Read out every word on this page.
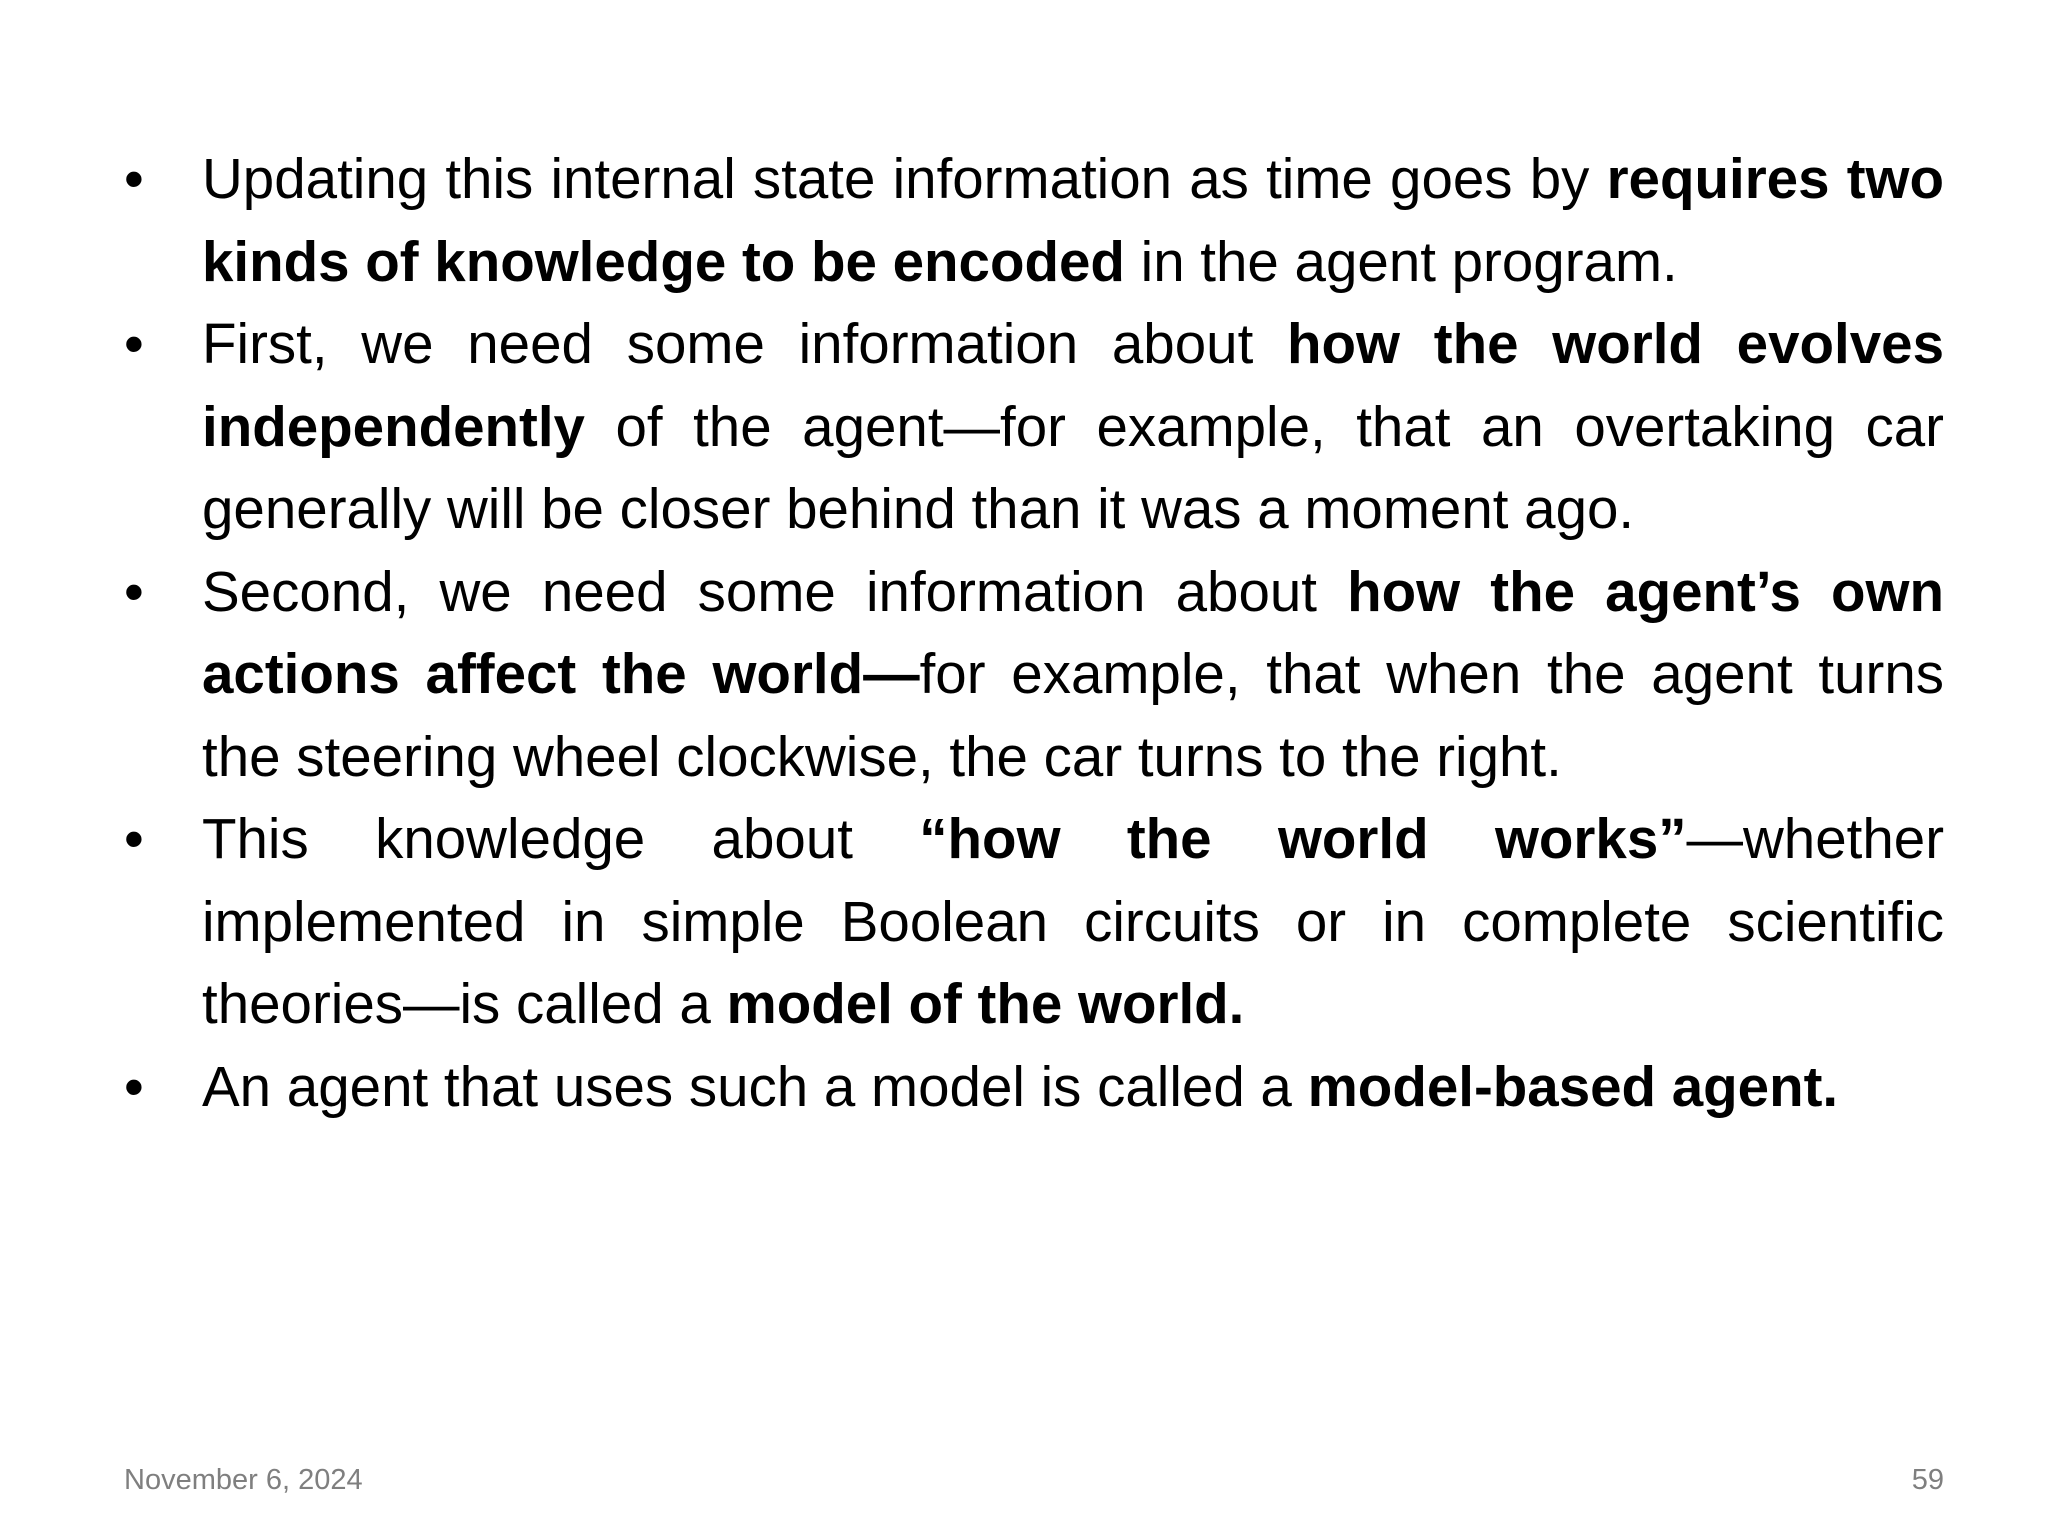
•	Updating this internal state information as time goes by requires two kinds of knowledge to be encoded in the agent program.
•	First, we need some information about how the world evolves independently of the agent—for example, that an overtaking car generally will be closer behind than it was a moment ago.
•	Second, we need some information about how the agent’s own actions affect the world—for example, that when the agent turns the steering wheel clockwise, the car turns to the right.
•	This knowledge about “how the world works”—whether implemented in simple Boolean circuits or in complete scientific theories—is called a model of the world.
•	An agent that uses such a model is called a model-based agent.
November 6, 2024	59
